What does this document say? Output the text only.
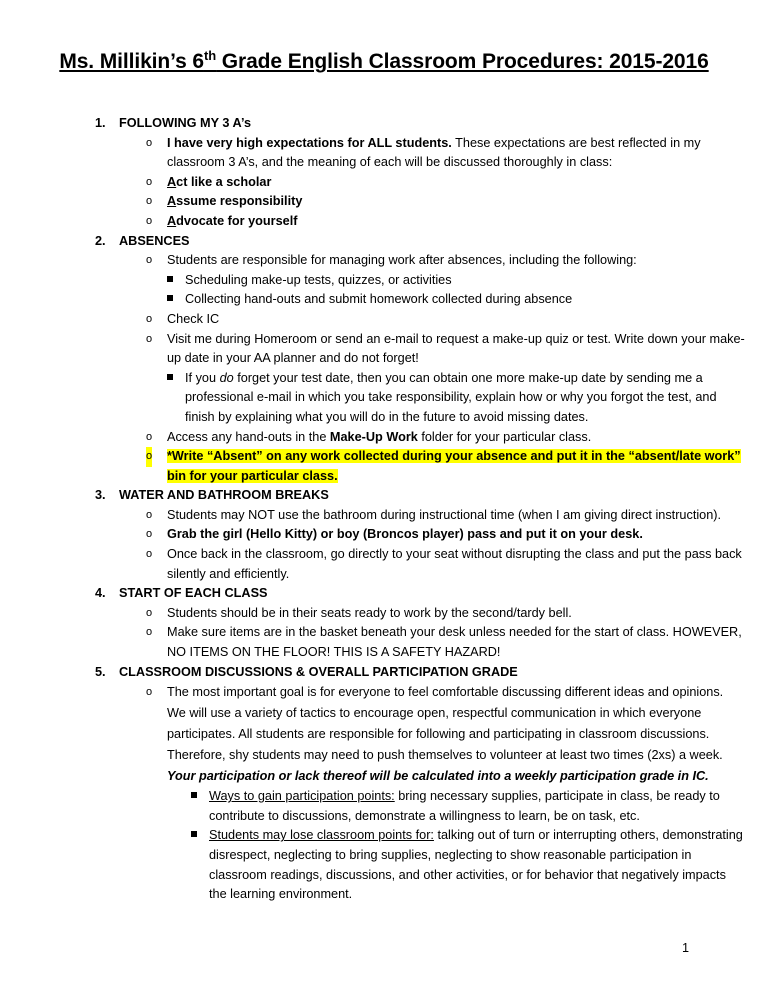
Ms. Millikin’s 6th Grade English Classroom Procedures: 2015-2016
1. FOLLOWING MY 3 A’s
o I have very high expectations for ALL students. These expectations are best reflected in my classroom 3 A’s, and the meaning of each will be discussed thoroughly in class:
o Act like a scholar
o Assume responsibility
o Advocate for yourself
2. ABSENCES
o Students are responsible for managing work after absences, including the following:
Scheduling make-up tests, quizzes, or activities
Collecting hand-outs and submit homework collected during absence
o Check IC
o Visit me during Homeroom or send an e-mail to request a make-up quiz or test. Write down your make-up date in your AA planner and do not forget!
If you do forget your test date, then you can obtain one more make-up date by sending me a professional e-mail in which you take responsibility, explain how or why you forgot the test, and finish by explaining what you will do in the future to avoid missing dates.
o Access any hand-outs in the Make-Up Work folder for your particular class.
o *Write “Absent” on any work collected during your absence and put it in the “absent/late work” bin for your particular class.
3. WATER AND BATHROOM BREAKS
o Students may NOT use the bathroom during instructional time (when I am giving direct instruction).
o Grab the girl (Hello Kitty) or boy (Broncos player) pass and put it on your desk.
o Once back in the classroom, go directly to your seat without disrupting the class and put the pass back silently and efficiently.
4. START OF EACH CLASS
o Students should be in their seats ready to work by the second/tardy bell.
o Make sure items are in the basket beneath your desk unless needed for the start of class. HOWEVER, NO ITEMS ON THE FLOOR! THIS IS A SAFETY HAZARD!
5. CLASSROOM DISCUSSIONS & OVERALL PARTICIPATION GRADE
o The most important goal is for everyone to feel comfortable discussing different ideas and opinions. We will use a variety of tactics to encourage open, respectful communication in which everyone participates. All students are responsible for following and participating in classroom discussions. Therefore, shy students may need to push themselves to volunteer at least two times (2xs) a week. Your participation or lack thereof will be calculated into a weekly participation grade in IC.
Ways to gain participation points: bring necessary supplies, participate in class, be ready to contribute to discussions, demonstrate a willingness to learn, be on task, etc.
Students may lose classroom points for: talking out of turn or interrupting others, demonstrating disrespect, neglecting to bring supplies, neglecting to show reasonable participation in classroom readings, discussions, and other activities, or for behavior that negatively impacts the learning environment.
1
